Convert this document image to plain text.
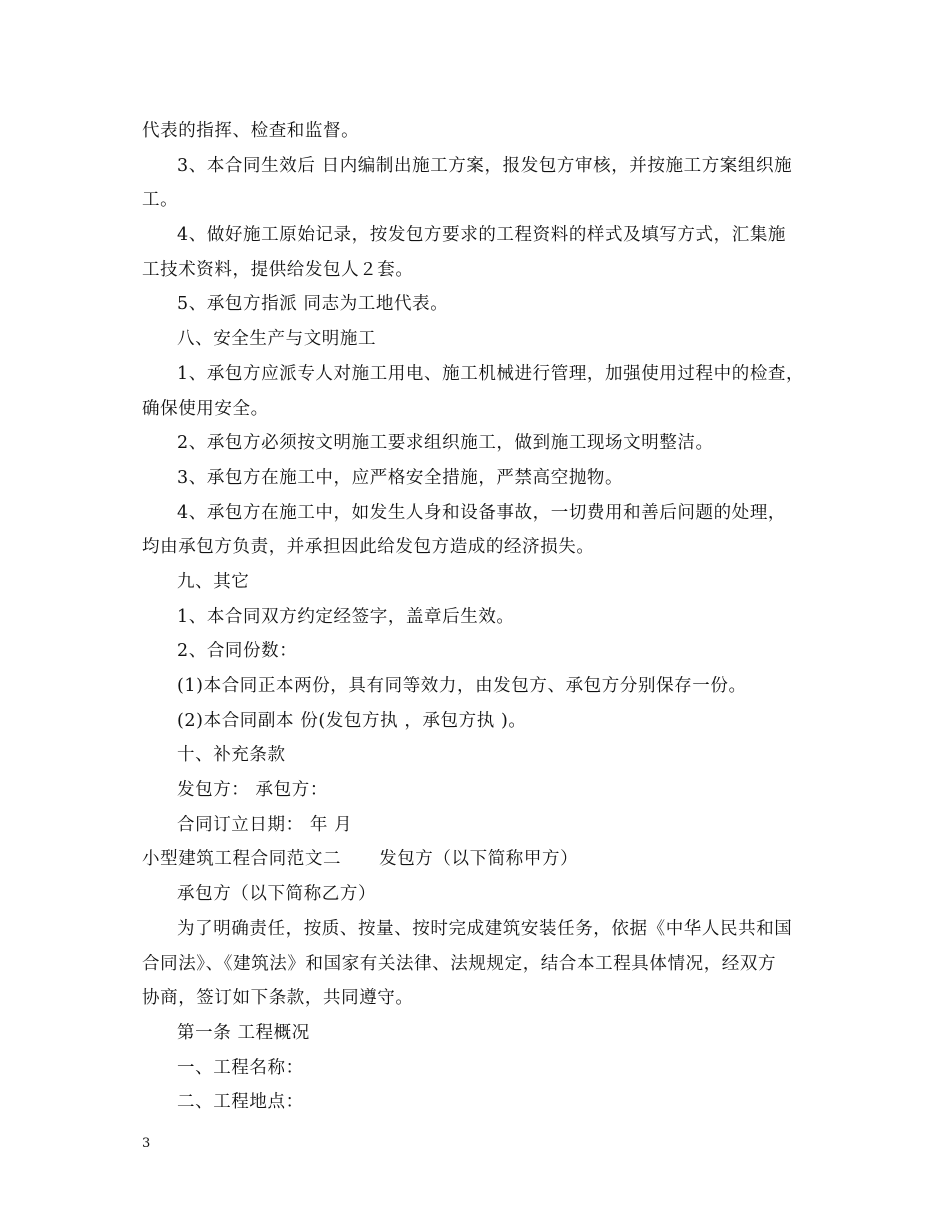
代表的指挥、检查和监督。
3、本合同生效后 日内编制出施工方案，报发包方审核，并按施工方案组织施
工。
4、做好施工原始记录，按发包方要求的工程资料的样式及填写方式，汇集施
工技术资料，提供给发包人２套。
5、承包方指派 同志为工地代表。
八、安全生产与文明施工
1、承包方应派专人对施工用电、施工机械进行管理，加强使用过程中的检查，
确保使用安全。
2、承包方必须按文明施工要求组织施工，做到施工现场文明整洁。
3、承包方在施工中，应严格安全措施，严禁高空抛物。
4、承包方在施工中，如发生人身和设备事故，一切费用和善后问题的处理，
均由承包方负责，并承担因此给发包方造成的经济损失。
九、其它
1、本合同双方约定经签字，盖章后生效。
2、合同份数：
(1)本合同正本两份，具有同等效力，由发包方、承包方分别保存一份。
(2)本合同副本 份(发包方执 ，承包方执 )。
十、补充条款
发包方： 承包方：
合同订立日期： 年 月
小型建筑工程合同范文二 发包方（以下简称甲方）
承包方（以下简称乙方）
为了明确责任，按质、按量、按时完成建筑安装任务，依据《中华人民共和国
合同法》、《建筑法》和国家有关法律、法规规定，结合本工程具体情况，经双方
协商，签订如下条款，共同遵守。
第一条 工程概况
一、工程名称：
二、工程地点：
3
